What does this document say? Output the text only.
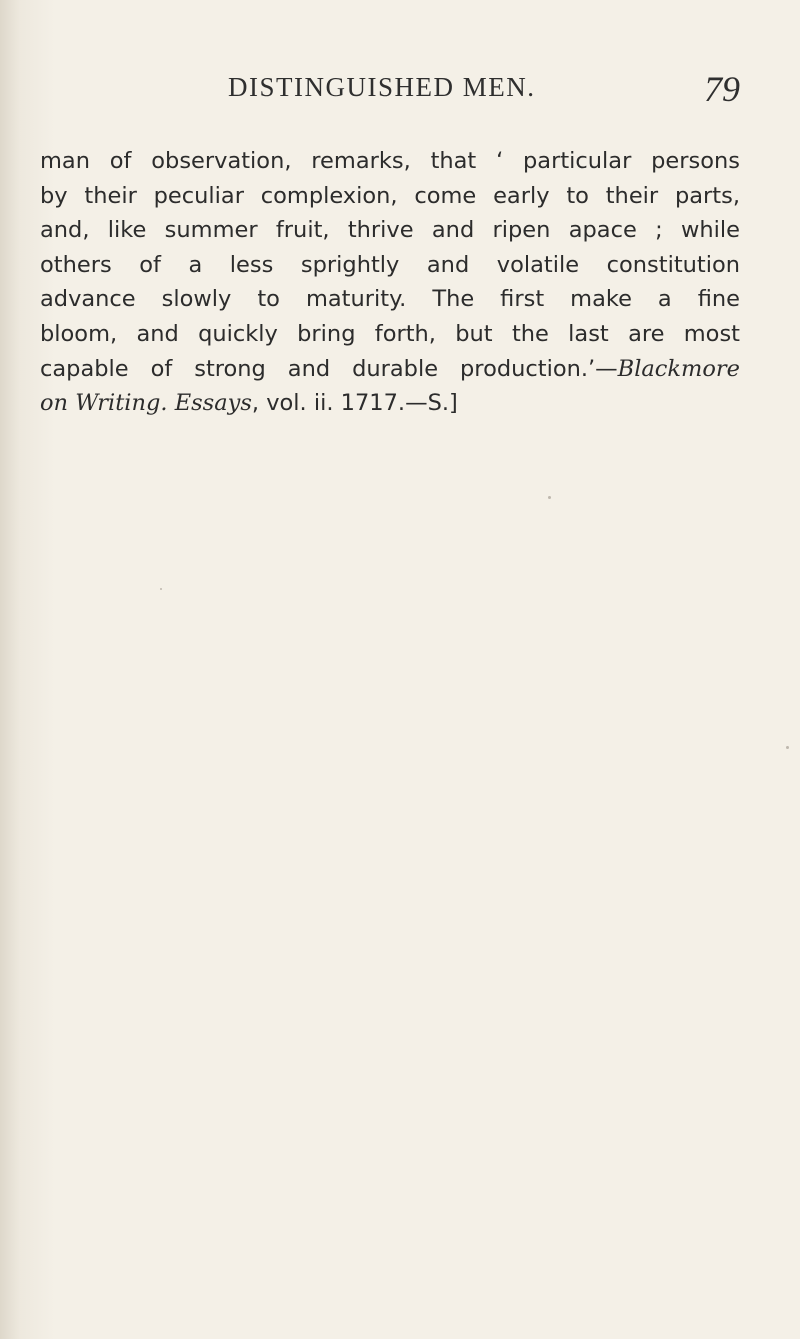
DISTINGUISHED MEN.	79
man of observation, remarks, that ‘ particular persons
by their peculiar complexion, come early to their parts,
and, like summer fruit, thrive and ripen apace ; while
others of a less sprightly and volatile constitution
advance slowly to maturity. The first make a fine
bloom, and quickly bring forth, but the last are most
capable of strong and durable production.’—Blackmore
on Writing. Essays, vol. ii. 1717.—S.]
